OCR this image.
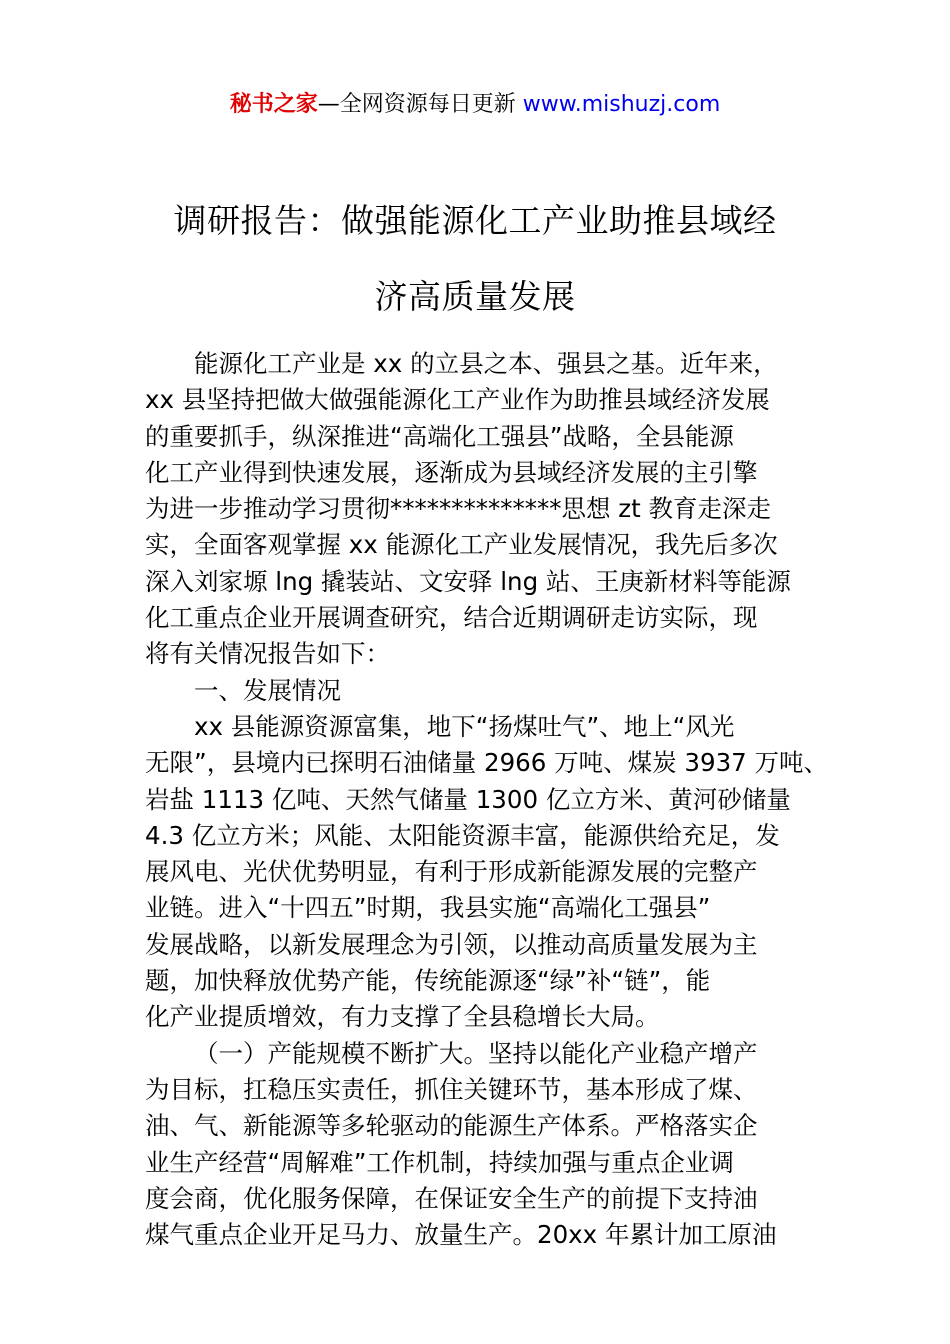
秘书之家—全网资源每日更新 www.mishuzj.com
调研报告：做强能源化工产业助推县域经
济高质量发展
能源化工产业是 xx 的立县之本、强县之基。近年来，
xx 县坚持把做大做强能源化工产业作为助推县域经济发展
的重要抓手，纵深推进“高端化工强县”战略，全县能源
化工产业得到快速发展，逐渐成为县域经济发展的主引擎
为进一步推动学习贯彻**************思想 zt 教育走深走
实，全面客观掌握 xx 能源化工产业发展情况，我先后多次
深入刘家塬 lng 撬装站、文安驿 lng 站、王庚新材料等能源
化工重点企业开展调查研究，结合近期调研走访实际，现
将有关情况报告如下：
一、发展情况
xx 县能源资源富集，地下“扬煤吐气”、地上“风光
无限”，县境内已探明石油储量 2966 万吨、煤炭 3937 万吨、
岩盐 1113 亿吨、天然气储量 1300 亿立方米、黄河砂储量
4.3 亿立方米；风能、太阳能资源丰富，能源供给充足，发
展风电、光伏优势明显，有利于形成新能源发展的完整产
业链。进入“十四五”时期，我县实施“高端化工强县”
发展战略，以新发展理念为引领，以推动高质量发展为主
题，加快释放优势产能，传统能源逐“绿”补“链”，能
化产业提质增效，有力支撑了全县稳增长大局。
（一）产能规模不断扩大。坚持以能化产业稳产增产
为目标，扛稳压实责任，抓住关键环节，基本形成了煤、
油、气、新能源等多轮驱动的能源生产体系。严格落实企
业生产经营“周解难”工作机制，持续加强与重点企业调
度会商，优化服务保障，在保证安全生产的前提下支持油
煤气重点企业开足马力、放量生产。20xx 年累计加工原油
